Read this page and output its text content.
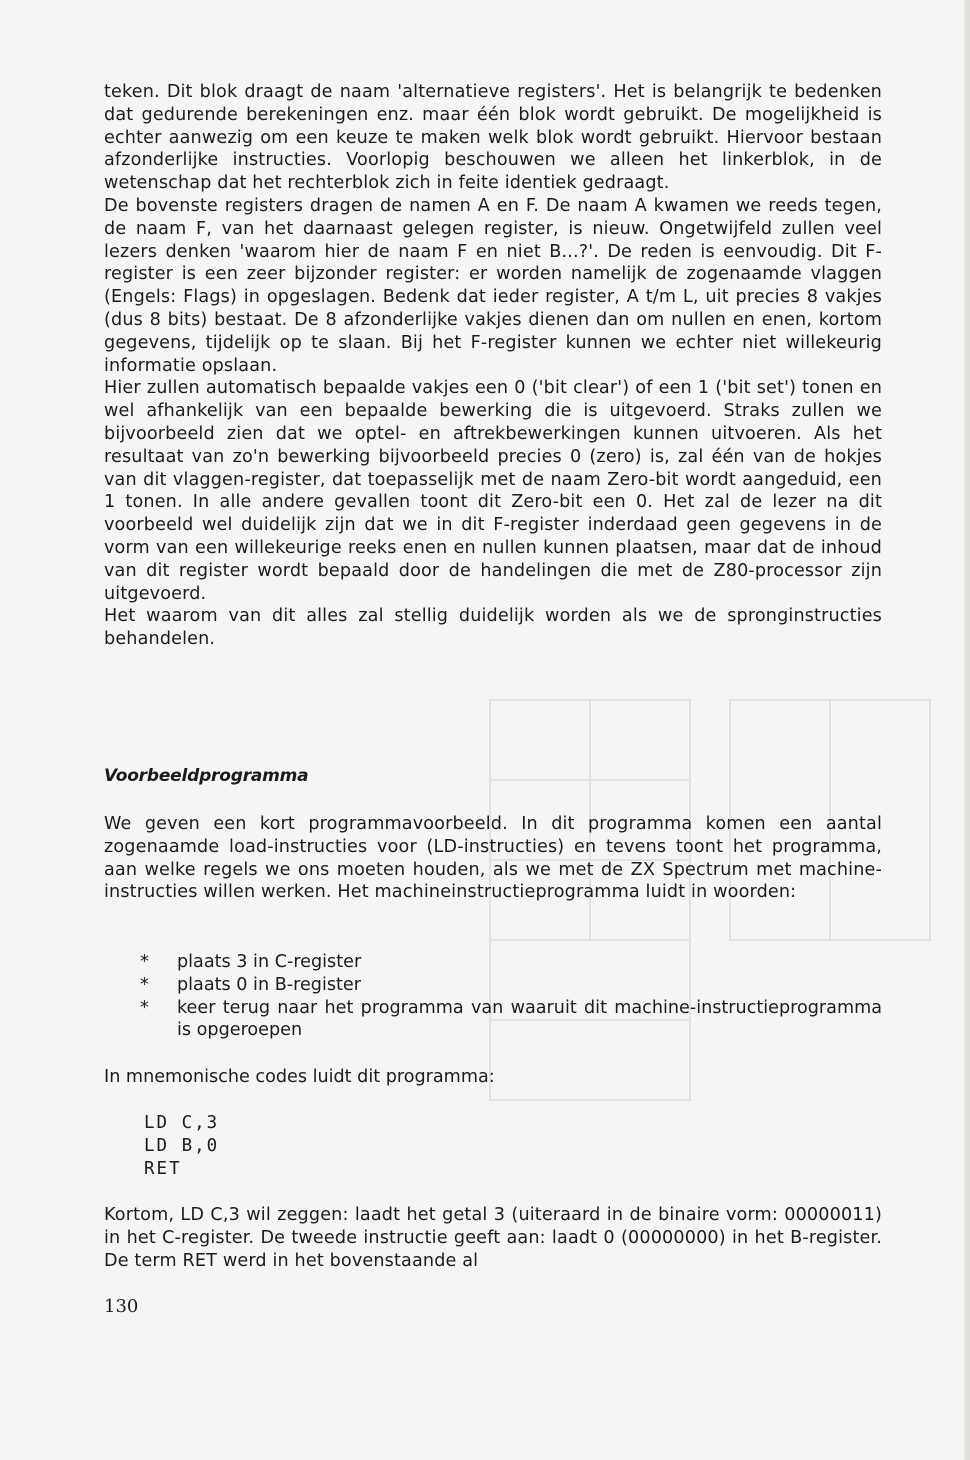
teken. Dit blok draagt de naam 'alternatieve registers'. Het is belangrijk te bedenken dat gedurende berekeningen enz. maar één blok wordt gebruikt. De mogelijkheid is echter aanwezig om een keuze te maken welk blok wordt gebruikt. Hiervoor bestaan afzonderlijke instructies. Voorlopig beschouwen we alleen het linkerblok, in de wetenschap dat het rechterblok zich in feite identiek gedraagt.

De bovenste registers dragen de namen A en F. De naam A kwamen we reeds tegen, de naam F, van het daarnaast gelegen register, is nieuw. Ongetwijfeld zullen veel lezers denken 'waarom hier de naam F en niet B...?'. De reden is eenvoudig. Dit F-register is een zeer bijzonder register: er worden namelijk de zogenaamde vlaggen (Engels: Flags) in opgeslagen. Bedenk dat ieder register, A t/m L, uit precies 8 vakjes (dus 8 bits) bestaat. De 8 afzonderlijke vakjes dienen dan om nullen en enen, kortom gegevens, tijdelijk op te slaan. Bij het F-register kunnen we echter niet willekeurig informatie opslaan.

Hier zullen automatisch bepaalde vakjes een 0 ('bit clear') of een 1 ('bit set') tonen en wel afhankelijk van een bepaalde bewerking die is uitgevoerd. Straks zullen we bijvoorbeeld zien dat we optel- en aftrekbewerkingen kunnen uitvoeren. Als het resultaat van zo'n bewerking bijvoorbeeld precies 0 (zero) is, zal één van de hokjes van dit vlaggen-register, dat toepasselijk met de naam Zero-bit wordt aangeduid, een 1 tonen. In alle andere gevallen toont dit Zero-bit een 0. Het zal de lezer na dit voorbeeld wel duidelijk zijn dat we in dit F-register inderdaad geen gegevens in de vorm van een willekeurige reeks enen en nullen kunnen plaatsen, maar dat de inhoud van dit register wordt bepaald door de handelingen die met de Z80-processor zijn uitgevoerd.

Het waarom van dit alles zal stellig duidelijk worden als we de spronginstructies behandelen.

Voorbeeldprogramma

We geven een kort programmavoorbeeld. In dit programma komen een aantal zogenaamde load-instructies voor (LD-instructies) en tevens toont het programma, aan welke regels we ons moeten houden, als we met de ZX Spectrum met machine-instructies willen werken. Het machineinstructieprogramma luidt in woorden:

*	plaats 3 in C-register
*	plaats 0 in B-register
*	keer terug naar het programma van waaruit dit machine-instructieprogramma is opgeroepen
In mnemonische codes luidt dit programma:
LD C,3
LD B,0
RET

Kortom, LD C,3 wil zeggen: laadt het getal 3 (uiteraard in de binaire vorm: 00000011) in het C-register. De tweede instructie geeft aan: laadt 0 (00000000) in het B-register. De term RET werd in het bovenstaande al

130
